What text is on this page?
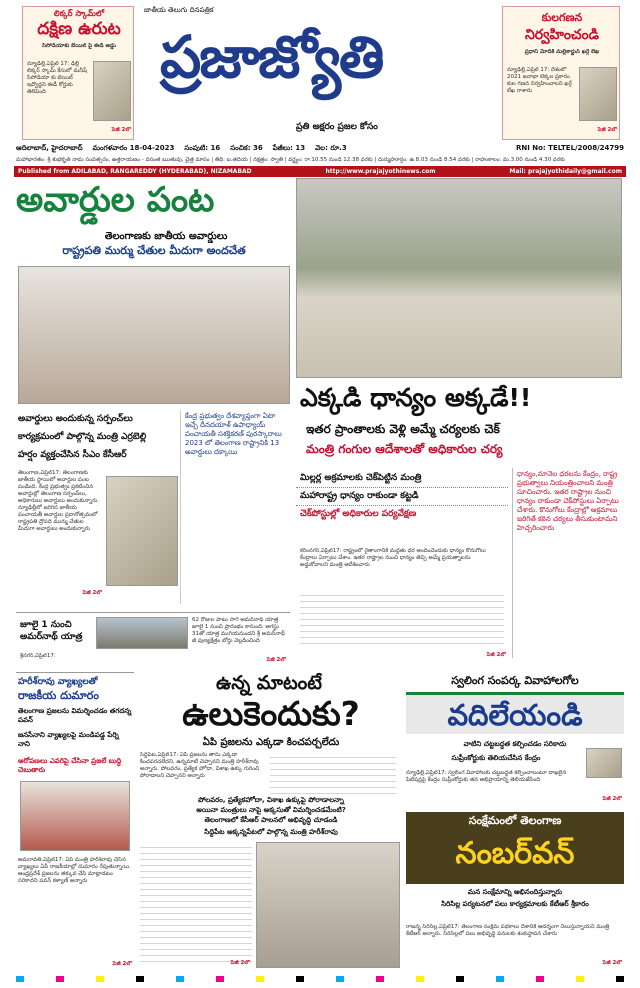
లిక్కర్ స్కామ్‌లో
దక్షిణ ఉరుట
సిసోడియాకు బెయిల్ పై ఈడీ అడ్డు
న్యూఢిల్లీ,ఏప్రిల్ 17: ఢిల్లీ లిక్కర్ స్కామ్ కేసులో మనీష్ సిసోడియా కు బెయిల్ ఇవ్వొద్దని ఈడీ కోర్టుకు తెలిపింది
పేజీ 2లో
జాతీయ తెలుగు దినపత్రిక
ప్రజాజ్యోతి
ప్రతి అక్షరం ప్రజల కోసం
కులగణన
నిర్వహించండి
ప్రధాని మోదీకి మల్లికార్జున్ ఖర్గే లేఖ
న్యూఢిల్లీ,ఏప్రిల్ 17: దేశంలో 2021 జనాభా లెక్కల ప్రకారం కుల గణన నిర్వహించాలని ఖర్గే లేఖ రాశారు
పేజీ 2లో
ఆదిలాబాద్, హైదరాబాద్ మంగళవారం 18-04-2023 సంపుటి: 16 సంచిక: 36 పేజీలు: 13 వెల: రూ.3	RNI No: TELTEL/2008/24799
మహాభారతం: శ్రీ శుభకృత్ నామ సంవత్సరం, ఉత్తరాయణం - వసంత ఋతువు, చైత్ర మాసం | తిథి: బ.తదియ | నక్షత్రం: స్వాతి | వర్జ్యం: రా.10.55 నుండి 12.38 వరకు | దుర్ముహూర్తం: ఉ.8.03 నుండి 8.54 వరకు | రాహుకాలం: మ.3.00 నుండి 4.30 వరకు
Published from ADILABAD, RANGAREDDY (HYDERABAD), NIZAMABAD	http://www.prajajyothinews.com	Mail: prajajyothidaily@gmail.com
అవార్డుల పంట
తెలంగాణకు జాతీయ అవార్డులు
రాష్ట్రపతి ముర్ము చేతుల మీదుగా అందచేత
అవార్డులు అందుకున్న సర్పంచ్‌లు
కార్యక్రమంలో పాల్గొన్న మంత్రి ఎర్రబెల్లి
హర్షం వ్యక్తంచేసిన సీఎం కేసీఆర్
తెలంగాణ,ఏప్రిల్17: తెలంగాణకు జాతీయ స్థాయిలో అవార్డుల పంట పండింది. కేంద్ర ప్రభుత్వం ప్రకటించిన అవార్డుల్లో తెలంగాణ సర్పంచ్‌లు, అధికారులు అవార్డులు అందుకున్నారు. న్యూఢిల్లీలో జరిగిన జాతీయ పంచాయతీ అవార్డుల ప్రదానోత్సవంలో రాష్ట్రపతి ద్రౌపది ముర్ము చేతుల మీదుగా అవార్డులు అందుకున్నారు
పేజీ 2లో
కేంద్ర ప్రభుత్వం దేశవ్యాప్తంగా ఏటా ఇచ్చే దీనదయాళ్ ఉపాధ్యాయ్ పంచాయతీ సశక్తికరణ్ పురస్కారాలు 2023 లో తెలంగాణ రాష్ట్రానికి 13 అవార్డులు దక్కాయి
జూలై 1 నుంచి అమర్‌నాథ్ యాత్ర
శ్రీనగర్,ఏప్రిల్17:
62 రోజుల పాటు సాగే అమర్‌నాథ్ యాత్ర జూలై 1 నుంచి ప్రారంభం కానుంది. ఆగస్టు 31తో యాత్ర ముగియనుందని శ్రీ అమర్‌నాథ్ జీ పుణ్యక్షేత్రం బోర్డు వెల్లడించింది
పేజీ 2లో
ఎక్కడి ధాన్యం అక్కడే!!
ఇతర ప్రాంతాలకు వెళ్లి అమ్మే చర్యలకు చెక్
మంత్రి గంగుల ఆదేశాలతో అధికారుల చర్య
మిల్లర్ల అక్రమాలకు చెక్‌పెట్టిన మంత్రి
మహారాష్ట్ర ధాన్యం రాకుండా కట్టడి
చెక్‌పోస్టుల్లో అధికారుల పర్యవేక్షణ
కరీంనగర్,ఏప్రిల్17: రాష్ట్రంలో రైతాంగానికి మద్దతు ధర అందించేందుకు ధాన్యం కొనుగోలు కేంద్రాలు ఏర్పాటు చేశాం. ఇతర రాష్ట్రాల నుంచి ధాన్యం తెచ్చి అమ్మే ప్రయత్నాలను అడ్డుకోవాలని మంత్రి ఆదేశించారు
పేజీ 2లో
ధాన్యం,నూనెల ధరలను కేంద్రం, రాష్ట్ర ప్రభుత్వాలు నియంత్రించాలని మంత్రి సూచించారు. ఇతర రాష్ట్రాల నుంచి ధాన్యం రాకుండా చెక్‌పోస్టులు ఏర్పాటు చేశారు. కొనుగోలు కేంద్రాల్లో అక్రమాలు జరిగితే కఠిన చర్యలు తీసుకుంటామని హెచ్చరించారు
హరీశ్‌రావు వ్యాఖ్యలతో
రాజకీయ దుమారం
తెలంగాణ ప్రజలను విమర్శించడం తగదన్న పవన్
జనసేనాని వ్యాఖ్యలపై మండిపడ్డ పేర్ని నాని
ఆరోపణలు ఎవరిపై చేసినా ప్రజలే బుద్ధి చెబుతారు
అమరావతి,ఏప్రిల్17: ఏపీ మంత్రి హరీశ్‌రావు చేసిన వ్యాఖ్యలు ఏపీ రాజకీయాల్లో దుమారం రేపుతున్నాయి. ఆంధ్రప్రదేశ్ ప్రజలను తక్కువ చేసి మాట్లాడటం సరికాదని పవన్ కళ్యాణ్ అన్నారు
పేజీ 2లో
ఉన్న మాటంటే
ఉలుకెందుకు?
ఏపి ప్రజలను ఎక్కడా కించపర్చలేదు
సిద్దిపేట,ఏప్రిల్17: ఏపీ ప్రజలను తాను ఎక్కడా కించపరచలేదని, ఉన్నమాటే చెప్పానని మంత్రి హరీశ్‌రావు అన్నారు. పోలవరం, ప్రత్యేక హోదా, విశాఖ ఉక్కు గురించి పోరాడాలని చెప్పానని అన్నారు
పోలవరం, ప్రత్యేకహోదా, విశాఖ ఉక్కుపై పోరాడాలన్నా
అయినా మంత్రులు నాపై అక్కసుతో విమర్శించడమేంటి?
తెలంగాణలో కేసీఆర్ పాలనలో అభివృద్ధి చూడండి
సిద్దిపేట అక్కన్నపేటలో పాల్గొన్న మంత్రి హరీశ్‌రావు
పేజీ 2లో
స్వలింగ సంపర్క వివాహాలగోల
వదిలేయండి
వాటిని చట్టబద్ధత కల్పించడం సరికాదు
సుప్రీంకోర్టుకు తెలియచేసిన కేంద్రం
న్యూఢిల్లీ,ఏప్రిల్17: స్వలింగ వివాహాలకు చట్టబద్ధత కల్పించాలంటూ దాఖలైన పిటిషన్లపై కేంద్రం సుప్రీంకోర్టుకు తన అభిప్రాయాన్ని తెలియజేసింది
పేజీ 2లో
సంక్షేమంలో తెలంగాణ
నంబర్‌వన్
మన సంక్షేమాన్ని అభినందిస్తున్నారు
సిరిసిల్ల పర్యటనలో పలు కార్యక్రమాలకు కేటీఆర్ శ్రీకారం
రాజన్న సిరిసిల్ల,ఏప్రిల్17: తెలంగాణ సంక్షేమ పథకాలు దేశానికే ఆదర్శంగా నిలుస్తున్నాయని మంత్రి కేటీఆర్ అన్నారు. సిరిసిల్లలో పలు అభివృద్ధి పనులకు శంకుస్థాపన చేశారు
పేజీ 2లో
